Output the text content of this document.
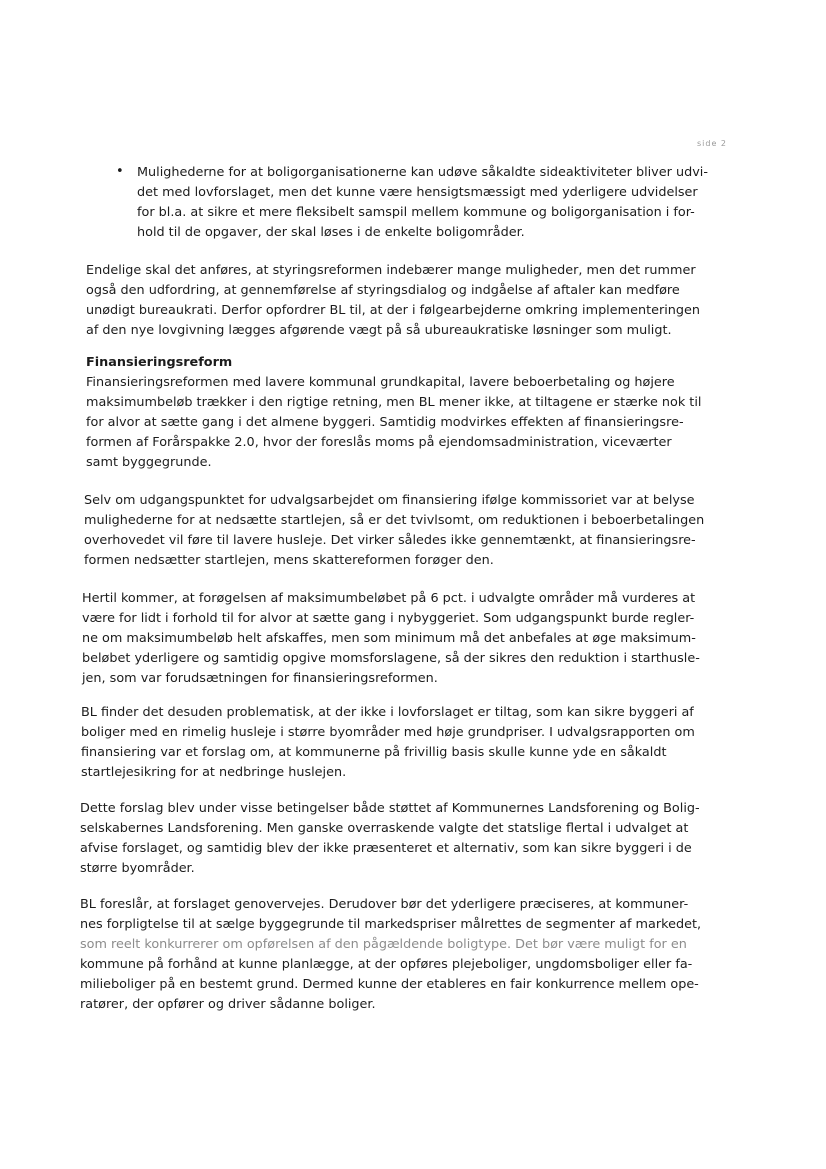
side 2
• Mulighederne for at boligorganisationerne kan udøve såkaldte sideaktiviteter bliver udvi-
det med lovforslaget, men det kunne være hensigtsmæssigt med yderligere udvidelser
for bl.a. at sikre et mere fleksibelt samspil mellem kommune og boligorganisation i for-
hold til de opgaver, der skal løses i de enkelte boligområder.
Endelige skal det anføres, at styringsreformen indebærer mange muligheder, men det rummer
også den udfordring, at gennemførelse af styringsdialog og indgåelse af aftaler kan medføre
unødigt bureaukrati. Derfor opfordrer BL til, at der i følgearbejderne omkring implementeringen
af den nye lovgivning lægges afgørende vægt på så ubureaukratiske løsninger som muligt.
Finansieringsreform
Finansieringsreformen med lavere kommunal grundkapital, lavere beboerbetaling og højere
maksimumbeløb trækker i den rigtige retning, men BL mener ikke, at tiltagene er stærke nok til
for alvor at sætte gang i det almene byggeri. Samtidig modvirkes effekten af finansieringsre-
formen af Forårspakke 2.0, hvor der foreslås moms på ejendomsadministration, viceværter
samt byggegrunde.
Selv om udgangspunktet for udvalgsarbejdet om finansiering ifølge kommissoriet var at belyse
mulighederne for at nedsætte startlejen, så er det tvivlsomt, om reduktionen i beboerbetalingen
overhovedet vil føre til lavere husleje. Det virker således ikke gennemtænkt, at finansieringsre-
formen nedsætter startlejen, mens skattereformen forøger den.
Hertil kommer, at forøgelsen af maksimumbeløbet på 6 pct. i udvalgte områder må vurderes at
være for lidt i forhold til for alvor at sætte gang i nybyggeriet. Som udgangspunkt burde regler-
ne om maksimumbeløb helt afskaffes, men som minimum må det anbefales at øge maksimum-
beløbet yderligere og samtidig opgive momsforslagene, så der sikres den reduktion i starthusle-
jen, som var forudsætningen for finansieringsreformen.
BL finder det desuden problematisk, at der ikke i lovforslaget er tiltag, som kan sikre byggeri af
boliger med en rimelig husleje i større byområder med høje grundpriser. I udvalgsrapporten om
finansiering var et forslag om, at kommunerne på frivillig basis skulle kunne yde en såkaldt
startlejesikring for at nedbringe huslejen.
Dette forslag blev under visse betingelser både støttet af Kommunernes Landsforening og Bolig-
selskabernes Landsforening. Men ganske overraskende valgte det statslige flertal i udvalget at
afvise forslaget, og samtidig blev der ikke præsenteret et alternativ, som kan sikre byggeri i de
større byområder.
BL foreslår, at forslaget genovervejes. Derudover bør det yderligere præciseres, at kommuner-
nes forpligtelse til at sælge byggegrunde til markedspriser målrettes de segmenter af markedet,
som reelt konkurrerer om opførelsen af den pågældende boligtype. Det bør være muligt for en
kommune på forhånd at kunne planlægge, at der opføres plejeboliger, ungdomsboliger eller fa-
milieboliger på en bestemt grund. Dermed kunne der etableres en fair konkurrence mellem ope-
ratører, der opfører og driver sådanne boliger.
